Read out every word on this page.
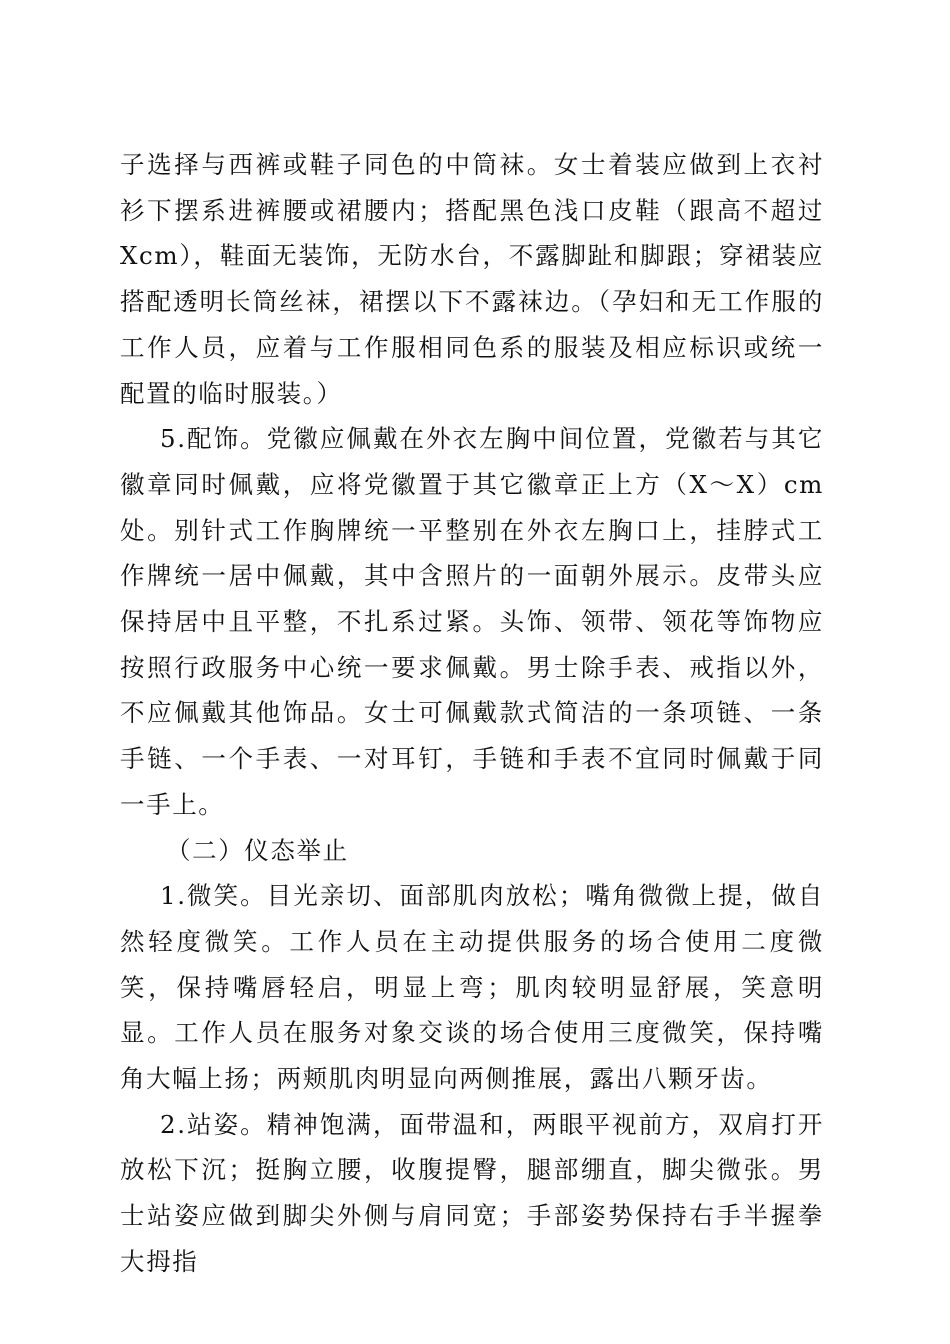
子选择与西裤或鞋子同色的中筒袜。女士着装应做到上衣衬衫下摆系进裤腰或裙腰内；搭配黑色浅口皮鞋（跟高不超过Xcm），鞋面无装饰，无防水台，不露脚趾和脚跟；穿裙装应搭配透明长筒丝袜，裙摆以下不露袜边。（孕妇和无工作服的工作人员，应着与工作服相同色系的服装及相应标识或统一配置的临时服装。）

5.配饰。党徽应佩戴在外衣左胸中间位置，党徽若与其它徽章同时佩戴，应将党徽置于其它徽章正上方（X～X）cm处。别针式工作胸牌统一平整别在外衣左胸口上，挂脖式工作牌统一居中佩戴，其中含照片的一面朝外展示。皮带头应保持居中且平整，不扎系过紧。头饰、领带、领花等饰物应按照行政服务中心统一要求佩戴。男士除手表、戒指以外，不应佩戴其他饰品。女士可佩戴款式简洁的一条项链、一条手链、一个手表、一对耳钉，手链和手表不宜同时佩戴于同一手上。

（二）仪态举止

1.微笑。目光亲切、面部肌肉放松；嘴角微微上提，做自然轻度微笑。工作人员在主动提供服务的场合使用二度微笑，保持嘴唇轻启，明显上弯；肌肉较明显舒展，笑意明显。工作人员在服务对象交谈的场合使用三度微笑，保持嘴角大幅上扬；两颊肌肉明显向两侧推展，露出八颗牙齿。

2.站姿。精神饱满，面带温和，两眼平视前方，双肩打开放松下沉；挺胸立腰，收腹提臀，腿部绷直，脚尖微张。男士站姿应做到脚尖外侧与肩同宽；手部姿势保持右手半握拳大拇指
